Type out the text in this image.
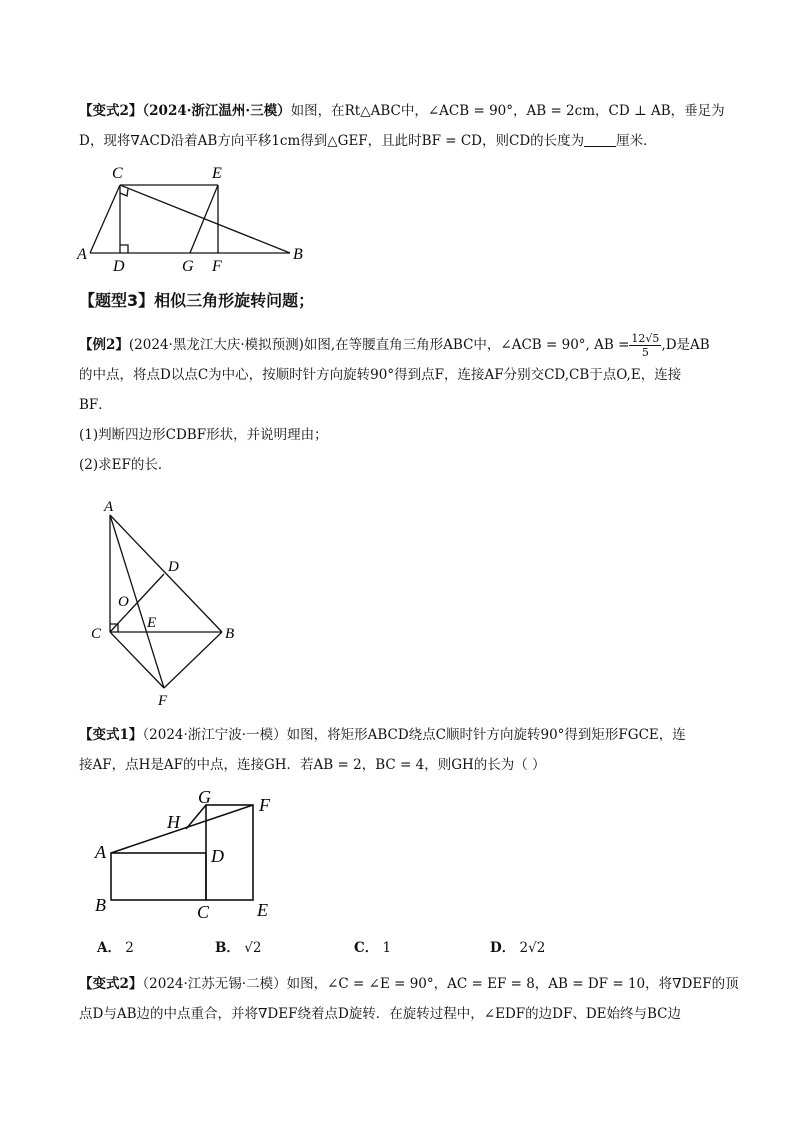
【变式2】（2024·浙江温州·三模）如图，在Rt△ABC中，∠ACB = 90°，AB = 2cm，CD ⊥ AB，垂足为
D，现将∇ACD沿着AB方向平移1cm得到△GEF，且此时BF = CD，则CD的长度为 厘米．
C	E
A
D	G F
B
【题型3】相似三角形旋转问题；
【例2】(2024·黑龙江大庆·模拟预测)如图,在等腰直角三角形ABC中，∠ACB = 90°, AB = $\frac{12√5}{5} ,D$是AB
的中点，将点D以点C为中心，按顺时针方向旋转90°得到点F，连接AF分别交CD,CB于点O,E，连接
BF．
(1)判断四边形CDBF形状，并说明理由；
(2)求EF的长．
A
D
O
C
E
B
F
【变式1】（2024·浙江宁波·一模）如图，将矩形ABCD绕点C顺时针方向旋转90°得到矩形FGCE，连
接AF，点H是AF的中点，连接GH．若AB = 2，BC = 4，则GH的长为（ ）
G	F
H
A	D
B	C	E
A． 2	B． √2	C． 1	D． 2√2
【变式2】（2024·江苏无锡·二模）如图，∠C = ∠E = 90°，AC = EF = 8，AB = DF = 10，将∇DEF的顶
点D与AB边的中点重合，并将∇DEF绕着点D旋转．在旋转过程中，∠EDF的边DF、DE始终与BC边
